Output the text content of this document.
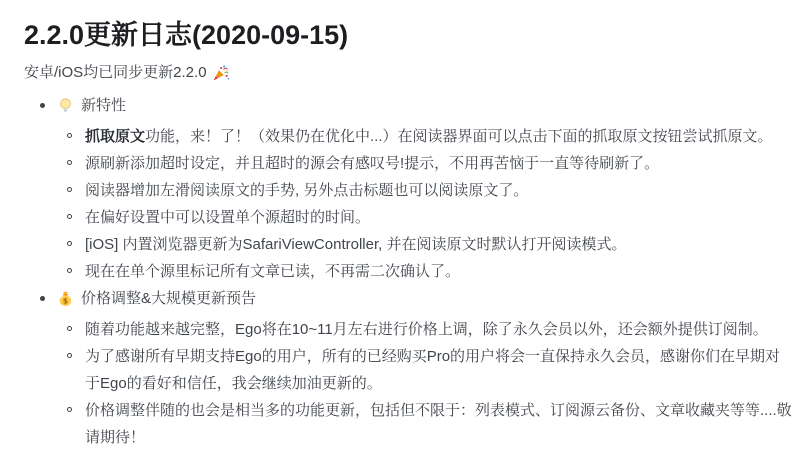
2.2.0更新日志(2020-09-15)
安卓/iOS均已同步更新2.2.0
新特性
抓取原文功能，来！了！（效果仍在优化中...）在阅读器界面可以点击下面的抓取原文按钮尝试抓原文。
源刷新添加超时设定，并且超时的源会有感叹号!提示，不用再苦恼于一直等待刷新了。
阅读器增加左滑阅读原文的手势, 另外点击标题也可以阅读原文了。
在偏好设置中可以设置单个源超时的时间。
[iOS] 内置浏览器更新为SafariViewController, 并在阅读原文时默认打开阅读模式。
现在在单个源里标记所有文章已读，不再需二次确认了。
$ 价格调整&大规模更新预告
随着功能越来越完整，Ego将在10~11月左右进行价格上调，除了永久会员以外，还会额外提供订阅制。
为了感谢所有早期支持Ego的用户，所有的已经购买Pro的用户将会一直保持永久会员，感谢你们在早期对于Ego的看好和信任，我会继续加油更新的。
价格调整伴随的也会是相当多的功能更新，包括但不限于：列表模式、订阅源云备份、文章收藏夹等等....敬请期待！
